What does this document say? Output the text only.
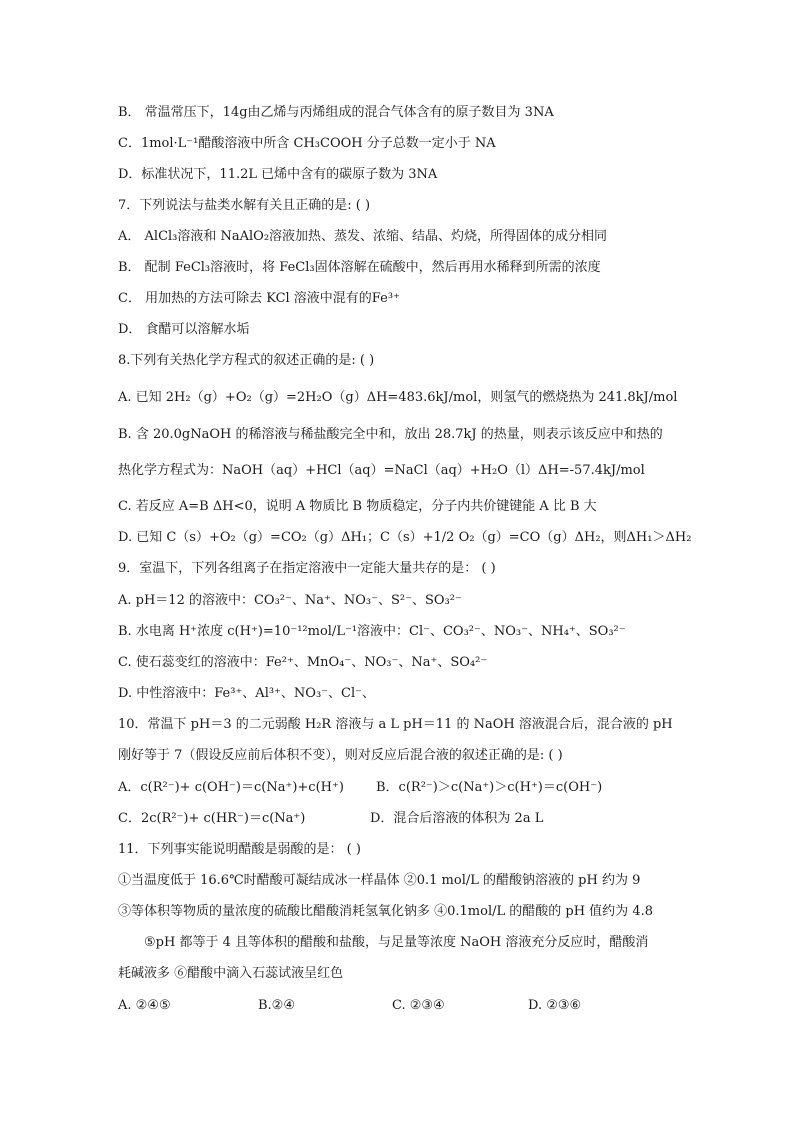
B． 常温常压下，14g由乙烯与丙烯组成的混合气体含有的原子数目为 3NA
C．1mol·L⁻¹醋酸溶液中所含 CH₃COOH 分子总数一定小于 NA
D．标准状况下，11.2L 已烯中含有的碳原子数为 3NA
7．下列说法与盐类水解有关且正确的是: ( )
A． AlCl₃溶液和 NaAlO₂溶液加热、蒸发、浓缩、结晶、灼烧，所得固体的成分相同
B． 配制 FeCl₃溶液时，将 FeCl₃固体溶解在硫酸中，然后再用水稀释到所需的浓度
C． 用加热的方法可除去 KCl 溶液中混有的Fe³⁺
D． 食醋可以溶解水垢
8.下列有关热化学方程式的叙述正确的是: ( )
A. 已知 2H₂（g）+O₂（g）=2H₂O（g）ΔH=483.6kJ/mol，则氢气的燃烧热为 241.8kJ/mol
B. 含 20.0gNaOH 的稀溶液与稀盐酸完全中和，放出 28.7kJ 的热量，则表示该反应中和热的
热化学方程式为：NaOH（aq）+HCl（aq）=NaCl（aq）+H₂O（l）ΔH=-57.4kJ/mol
C. 若反应 A=B ΔH<0，说明 A 物质比 B 物质稳定，分子内共价键键能 A 比 B 大
D. 已知 C（s）+O₂（g）=CO₂（g）ΔH₁；C（s）+1/2 O₂（g）=CO（g）ΔH₂，则ΔH₁＞ΔH₂
9．室温下，下列各组离子在指定溶液中一定能大量共存的是： ( )
A. pH＝12 的溶液中：CO₃²⁻、Na⁺、NO₃⁻、S²⁻、SO₃²⁻
B. 水电离 H⁺浓度 c(H⁺)=10⁻¹²mol/L⁻¹溶液中：Cl⁻、CO₃²⁻、NO₃⁻、NH₄⁺、SO₃²⁻
C. 使石蕊变红的溶液中：Fe²⁺、MnO₄⁻、NO₃⁻、Na⁺、SO₄²⁻
D. 中性溶液中：Fe³⁺、Al³⁺、NO₃⁻、Cl⁻、
10．常温下 pH＝3 的二元弱酸 H₂R 溶液与 a L pH＝11 的 NaOH 溶液混合后，混合液的 pH
刚好等于 7（假设反应前后体积不变），则对反应后混合液的叙述正确的是: ( )
A．c(R²⁻)+ c(OH⁻)＝c(Na⁺)+c(H⁺) B．c(R²⁻)＞c(Na⁺)＞c(H⁺)＝c(OH⁻)
C．2c(R²⁻)+ c(HR⁻)＝c(Na⁺)	D．混合后溶液的体积为 2a L
11．下列事实能说明醋酸是弱酸的是： ( )
①当温度低于 16.6℃时醋酸可凝结成冰一样晶体 ②0.1 mol/L 的醋酸钠溶液的 pH 约为 9
③等体积等物质的量浓度的硫酸比醋酸消耗氢氧化钠多 ④0.1mol/L 的醋酸的 pH 值约为 4.8
⑤pH 都等于 4 且等体积的醋酸和盐酸，与足量等浓度 NaOH 溶液充分反应时，醋酸消
耗碱液多 ⑥醋酸中滴入石蕊试液呈红色
A. ②④⑤	B.②④	C. ②③④	D. ②③⑥
